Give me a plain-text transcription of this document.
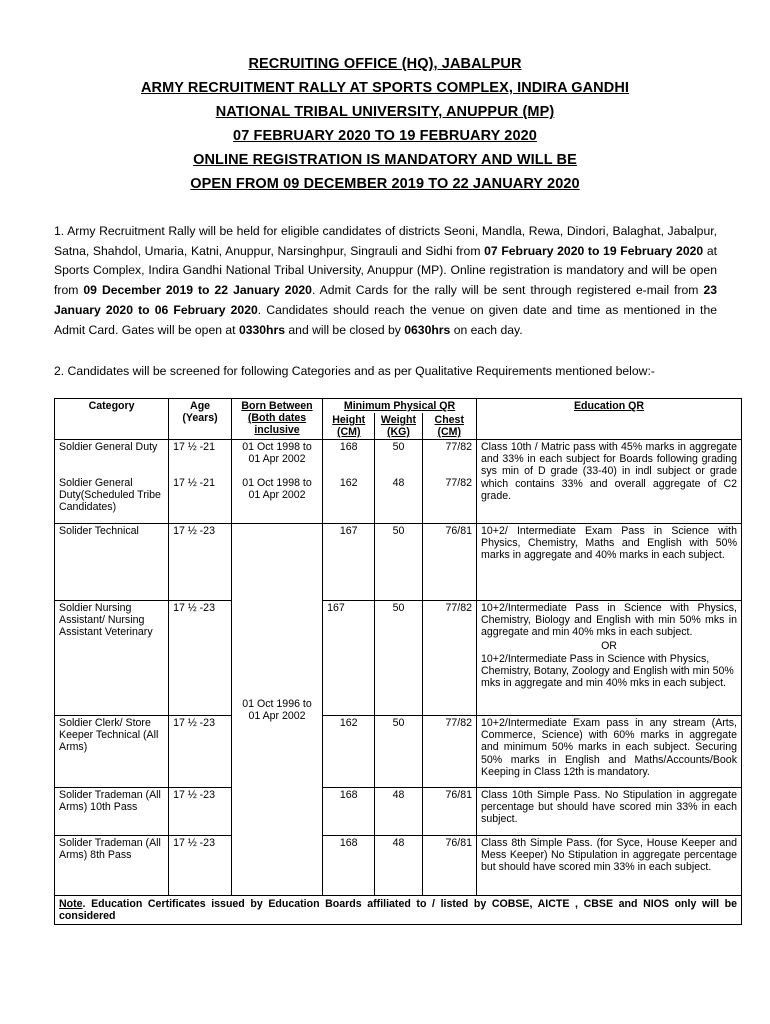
RECRUITING OFFICE (HQ), JABALPUR
ARMY RECRUITMENT RALLY AT SPORTS COMPLEX, INDIRA GANDHI
NATIONAL TRIBAL UNIVERSITY, ANUPPUR (MP)
07 FEBRUARY 2020 TO 19 FEBRUARY 2020
ONLINE REGISTRATION IS MANDATORY AND WILL BE
OPEN FROM 09 DECEMBER 2019 TO 22 JANUARY 2020
1. Army Recruitment Rally will be held for eligible candidates of districts Seoni, Mandla, Rewa, Dindori, Balaghat, Jabalpur, Satna, Shahdol, Umaria, Katni, Anuppur, Narsinghpur, Singrauli and Sidhi from 07 February 2020 to 19 February 2020 at Sports Complex, Indira Gandhi National Tribal University, Anuppur (MP). Online registration is mandatory and will be open from 09 December 2019 to 22 January 2020. Admit Cards for the rally will be sent through registered e-mail from 23 January 2020 to 06 February 2020. Candidates should reach the venue on given date and time as mentioned in the Admit Card. Gates will be open at 0330hrs and will be closed by 0630hrs on each day.
2. Candidates will be screened for following Categories and as per Qualitative Requirements mentioned below:-
Category	Age (Years)	Born Between (Both dates inclusive	Minimum Physical QR			Education QR
			Height (CM)	Weight (KG)	Chest (CM)	
Soldier General Duty	17 ½ -21	01 Oct 1998 to 01 Apr 2002	168	50	77/82	Class 10th / Matric pass with 45% marks in aggregate and 33% in each subject for Boards following grading sys min of D grade (33-40) in indl subject or grade which contains 33% and overall aggregate of C2 grade.
Soldier General Duty(Scheduled Tribe Candidates)	17 ½ -21	01 Oct 1998 to 01 Apr 2002	162	48	77/82	
Solider Technical	17 ½ -23	01 Oct 1996 to 01 Apr 2002	167	50	76/81	10+2/ Intermediate Exam Pass in Science with Physics, Chemistry, Maths and English with 50% marks in aggregate and 40% marks in each subject.
Soldier Nursing Assistant/ Nursing Assistant Veterinary	17 ½ -23		167	50	77/82	10+2/Intermediate Pass in Science with Physics, Chemistry, Biology and English with min 50% mks in aggregate and min 40% mks in each subject.
OR
10+2/Intermediate Pass in Science with Physics, Chemistry, Botany, Zoology and English with min 50% mks in aggregate and min 40% mks in each subject.

Soldier Clerk/ Store Keeper Technical (All Arms)	17 ½ -23		162	50	77/82	10+2/Intermediate Exam pass in any stream (Arts, Commerce, Science) with 60% marks in aggregate and minimum 50% marks in each subject. Securing 50% marks in English and Maths/Accounts/Book Keeping in Class 12th is mandatory.
Solider Trademan (All Arms) 10th Pass	17 ½ -23		168	48	76/81	Class 10th Simple Pass. No Stipulation in aggregate percentage but should have scored min 33% in each subject.
Solider Trademan (All Arms) 8th Pass	17 ½ -23		168	48	76/81	Class 8th Simple Pass. (for Syce, House Keeper and Mess Keeper) No Stipulation in aggregate percentage but should have scored min 33% in each subject.
Note. Education Certificates issued by Education Boards affiliated to / listed by COBSE, AICTE , CBSE and NIOS only will be considered						
